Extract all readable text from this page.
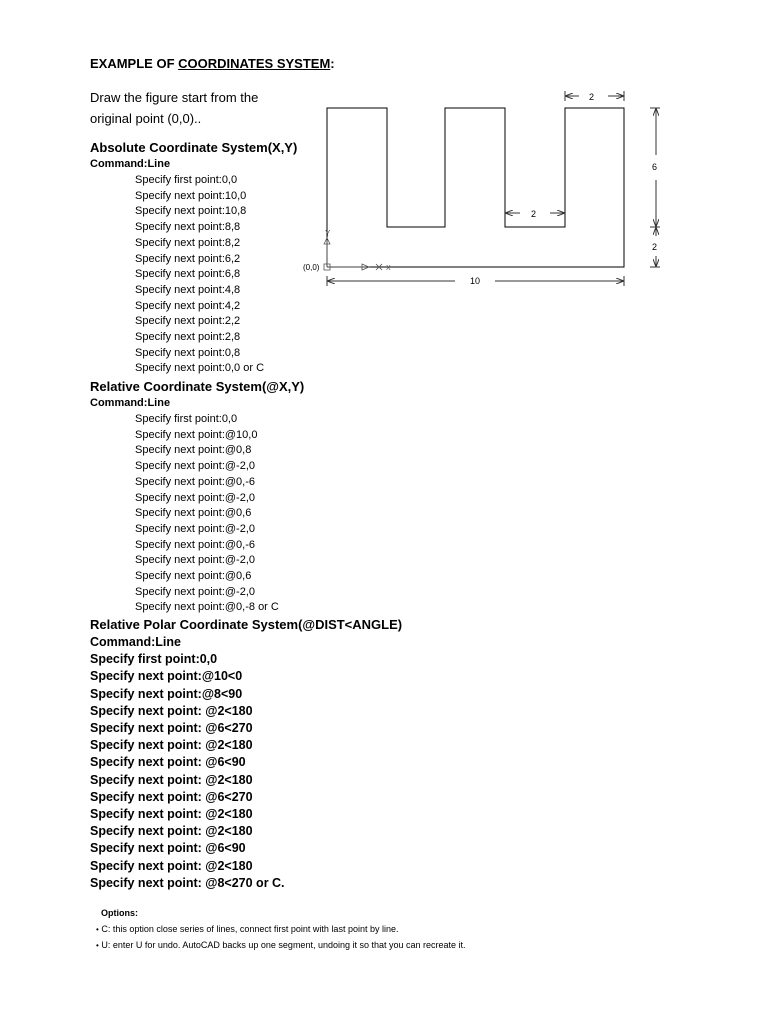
EXAMPLE OF COORDINATES SYSTEM:
Draw the figure start from the
original point (0,0)..
Absolute Coordinate System(X,Y)
Command:Line
Specify first point:0,0
Specify next point:10,0
Specify next point:10,8
Specify next point:8,8
Specify next point:8,2
Specify next point:6,2
Specify next point:6,8
Specify next point:4,8
Specify next point:4,2
Specify next point:2,2
Specify next point:2,8
Specify next point:0,8
Specify next point:0,0 or C
Relative Coordinate System(@X,Y)
Command:Line
Specify first point:0,0
Specify next point:@10,0
Specify next point:@0,8
Specify next point:@-2,0
Specify next point:@0,-6
Specify next point:@-2,0
Specify next point:@0,6
Specify next point:@-2,0
Specify next point:@0,-6
Specify next point:@-2,0
Specify next point:@0,6
Specify next point:@-2,0
Specify next point:@0,-8 or C
Relative Polar Coordinate System(@DIST<ANGLE)
Command:Line
Specify first point:0,0
Specify next point:@10<0
Specify next point:@8<90
Specify next point: @2<180
Specify next point: @6<270
Specify next point: @2<180
Specify next point: @6<90
Specify next point: @2<180
Specify next point: @6<270
Specify next point: @2<180
Specify next point: @2<180
Specify next point: @6<90
Specify next point: @2<180
Specify next point: @8<270 or C.
Options:
• C: this option close series of lines, connect first point with last point by line.
• U: enter U for undo. AutoCAD backs up one segment, undoing it so that you can recreate it.
2
6
2
2
10
Y
X
(0,0)
